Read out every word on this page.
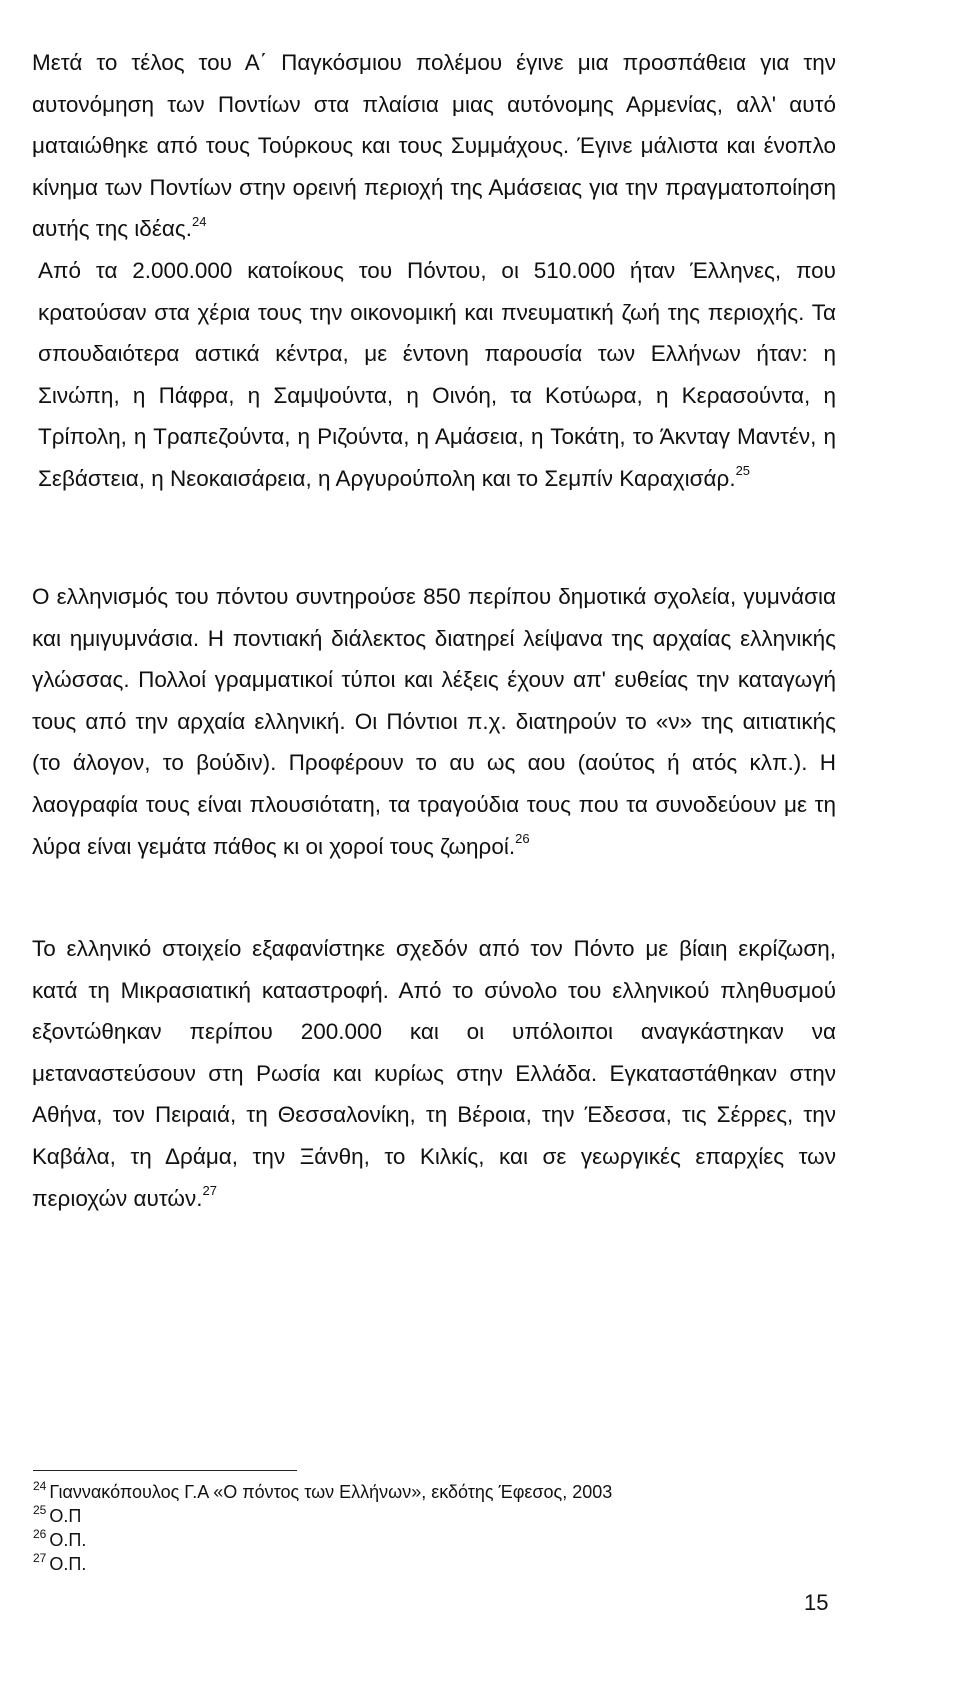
Μετά το τέλος του Α΄ Παγκόσμιου πολέμου έγινε μια προσπάθεια για την αυτονόμηση των Ποντίων στα πλαίσια μιας αυτόνομης Αρμενίας, αλλ' αυτό ματαιώθηκε από τους Τούρκους και τους Συμμάχους. Έγινε μάλιστα και ένοπλο κίνημα των Ποντίων στην ορεινή περιοχή της Αμάσειας για την πραγματοποίηση αυτής της ιδέας.$^{24}$

Από τα 2.000.000 κατοίκους του Πόντου, οι 510.000 ήταν Έλληνες, που κρατούσαν στα χέρια τους την οικονομική και πνευματική ζωή της περιοχής. Τα σπουδαιότερα αστικά κέντρα, με έντονη παρουσία των Ελλήνων ήταν: η Σινώπη, η Πάφρα, η Σαμψούντα, η Οινόη, τα Κοτύωρα, η Κερασούντα, η Τρίπολη, η Τραπεζούντα, η Ριζούντα, η Αμάσεια, η Τοκάτη, το Άκνταγ Μαντέν, η Σεβάστεια, η Νεοκαισάρεια, η Αργυρούπολη και το Σεμπίν Καραχισάρ.$^{25}$

Ο ελληνισμός του πόντου συντηρούσε 850 περίπου δημοτικά σχολεία, γυμνάσια και ημιγυμνάσια. Η ποντιακή διάλεκτος διατηρεί λείψανα της αρχαίας ελληνικής γλώσσας. Πολλοί γραμματικοί τύποι και λέξεις έχουν απ' ευθείας την καταγωγή τους από την αρχαία ελληνική. Οι Πόντιοι π.χ. διατηρούν το «ν» της αιτιατικής (το άλογον, το βούδιν). Προφέρουν το αυ ως αου (αούτος ή ατός κλπ.). Η λαογραφία τους είναι πλουσιότατη, τα τραγούδια τους που τα συνοδεύουν με τη λύρα είναι γεμάτα πάθος κι οι χοροί τους ζωηροί.$^{26}$

Το ελληνικό στοιχείο εξαφανίστηκε σχεδόν από τον Πόντο με βίαιη εκρίζωση, κατά τη Μικρασιατική καταστροφή. Από το σύνολο του ελληνικού πληθυσμού εξοντώθηκαν περίπου 200.000 και οι υπόλοιποι αναγκάστηκαν να μεταναστεύσουν στη Ρωσία και κυρίως στην Ελλάδα. Εγκαταστάθηκαν στην Αθήνα, τον Πειραιά, τη Θεσσαλονίκη, τη Βέροια, την Έδεσσα, τις Σέρρες, την Καβάλα, τη Δράμα, την Ξάνθη, το Κιλκίς, και σε γεωργικές επαρχίες των περιοχών αυτών.$^{27}$

$^{24}$ Γιαννακόπουλος Γ.Α «Ο πόντος των Ελλήνων», εκδότης Έφεσος, 2003
$^{25}$ Ο.Π
$^{26}$ Ο.Π.
$^{27}$ Ο.Π.
15
